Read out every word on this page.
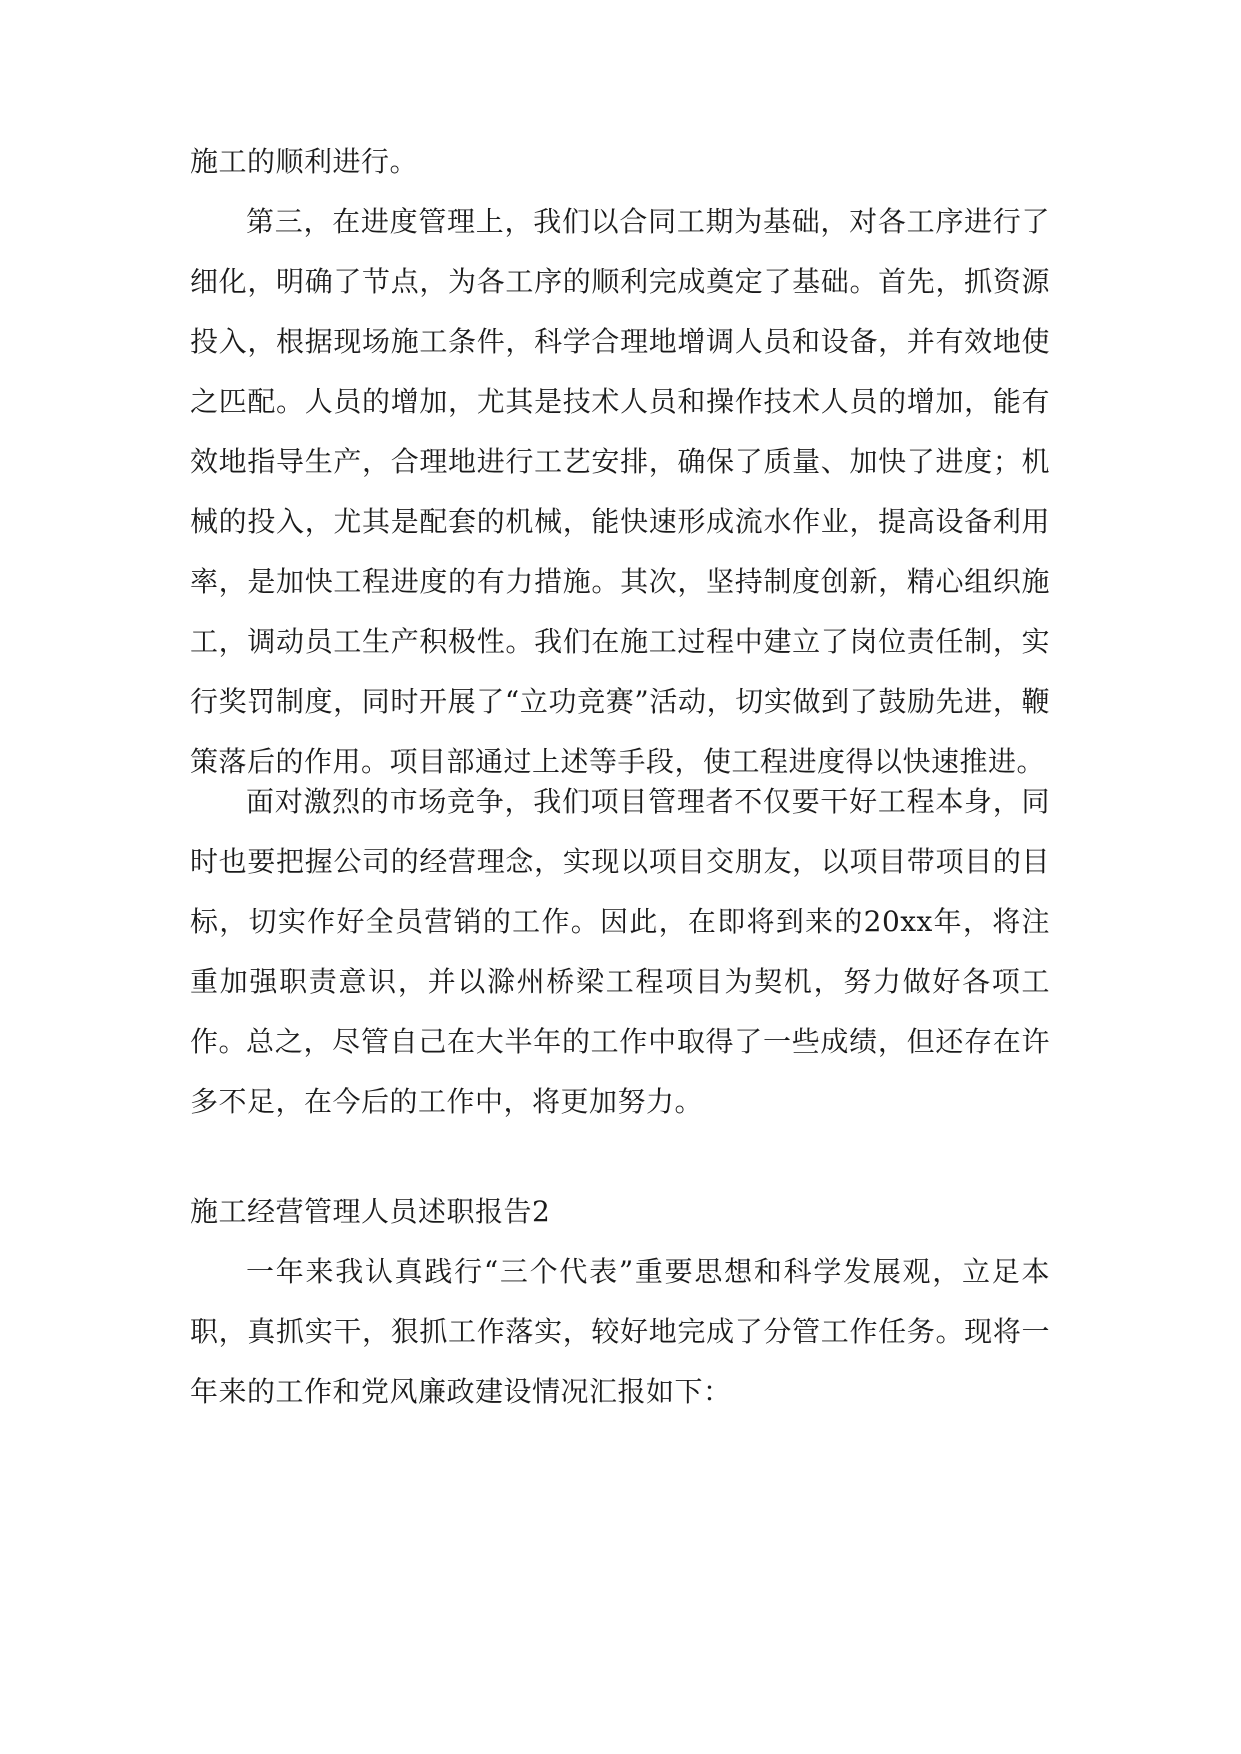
施工的顺利进行。

第三，在进度管理上，我们以合同工期为基础，对各工序进行了细化，明确了节点，为各工序的顺利完成奠定了基础。首先，抓资源投入，根据现场施工条件，科学合理地增调人员和设备，并有效地使之匹配。人员的增加，尤其是技术人员和操作技术人员的增加，能有效地指导生产，合理地进行工艺安排，确保了质量、加快了进度；机械的投入，尤其是配套的机械，能快速形成流水作业，提高设备利用率，是加快工程进度的有力措施。其次，坚持制度创新，精心组织施工，调动员工生产积极性。我们在施工过程中建立了岗位责任制，实行奖罚制度，同时开展了“立功竞赛”活动，切实做到了鼓励先进，鞭策落后的作用。项目部通过上述等手段，使工程进度得以快速推进。

面对激烈的市场竞争，我们项目管理者不仅要干好工程本身，同时也要把握公司的经营理念，实现以项目交朋友，以项目带项目的目标，切实作好全员营销的工作。因此，在即将到来的20xx年，将注重加强职责意识，并以滁州桥梁工程项目为契机，努力做好各项工作。

总之，尽管自己在大半年的工作中取得了一些成绩，但还存在许多不足，在今后的工作中，将更加努力。

施工经营管理人员述职报告2

一年来我认真践行“三个代表”重要思想和科学发展观，立足本职，真抓实干，狠抓工作落实，较好地完成了分管工作任务。现将一年来的工作和党风廉政建设情况汇报如下：
